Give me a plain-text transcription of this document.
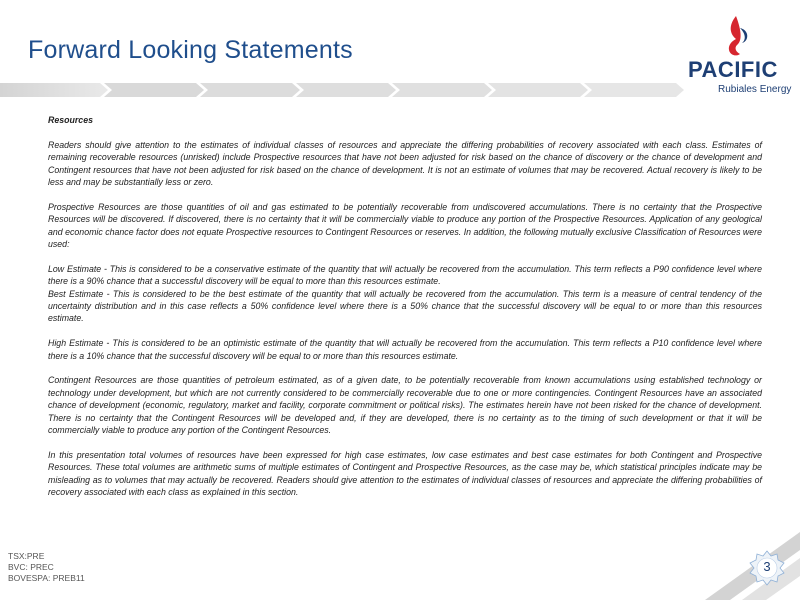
Forward Looking Statements
PACIFIC
Rubiales Energy

Resources

Readers should give attention to the estimates of individual classes of resources and appreciate the differing probabilities of recovery associated with each class. Estimates of remaining recoverable resources (unrisked) include Prospective resources that have not been adjusted for risk based on the chance of discovery or the chance of development and Contingent resources that have not been adjusted for risk based on the chance of development. It is not an estimate of volumes that may be recovered. Actual recovery is likely to be less and may be substantially less or zero.

Prospective Resources are those quantities of oil and gas estimated to be potentially recoverable from undiscovered accumulations. There is no certainty that the Prospective Resources will be discovered. If discovered, there is no certainty that it will be commercially viable to produce any portion of the Prospective Resources. Application of any geological and economic chance factor does not equate Prospective resources to Contingent Resources or reserves. In addition, the following mutually exclusive Classification of Resources were used:

Low Estimate - This is considered to be a conservative estimate of the quantity that will actually be recovered from the accumulation. This term reflects a P90 confidence level where there is a 90% chance that a successful discovery will be equal to more than this resources estimate.

Best Estimate - This is considered to be the best estimate of the quantity that will actually be recovered from the accumulation. This term is a measure of central tendency of the uncertainty distribution and in this case reflects a 50% confidence level where there is a 50% chance that the successful discovery will be equal to or more than this resources estimate.

High Estimate - This is considered to be an optimistic estimate of the quantity that will actually be recovered from the accumulation. This term reflects a P10 confidence level where there is a 10% chance that the successful discovery will be equal to or more than this resources estimate.

Contingent Resources are those quantities of petroleum estimated, as of a given date, to be potentially recoverable from known accumulations using established technology or technology under development, but which are not currently considered to be commercially recoverable due to one or more contingencies. Contingent Resources have an associated chance of development (economic, regulatory, market and facility, corporate commitment or political risks). The estimates herein have not been risked for the chance of development. There is no certainty that the Contingent Resources will be developed and, if they are developed, there is no certainty as to the timing of such development or that it will be commercially viable to produce any portion of the Contingent Resources.

In this presentation total volumes of resources have been expressed for high case estimates, low case estimates and best case estimates for both Contingent and Prospective Resources. These total volumes are arithmetic sums of multiple estimates of Contingent and Prospective Resources, as the case may be, which statistical principles indicate may be misleading as to volumes that may actually be recovered. Readers should give attention to the estimates of individual classes of resources and appreciate the differing probabilities of recovery associated with each class as explained in this section.

TSX:PRE
BVC: PREC
BOVESPA: PREB11
3
